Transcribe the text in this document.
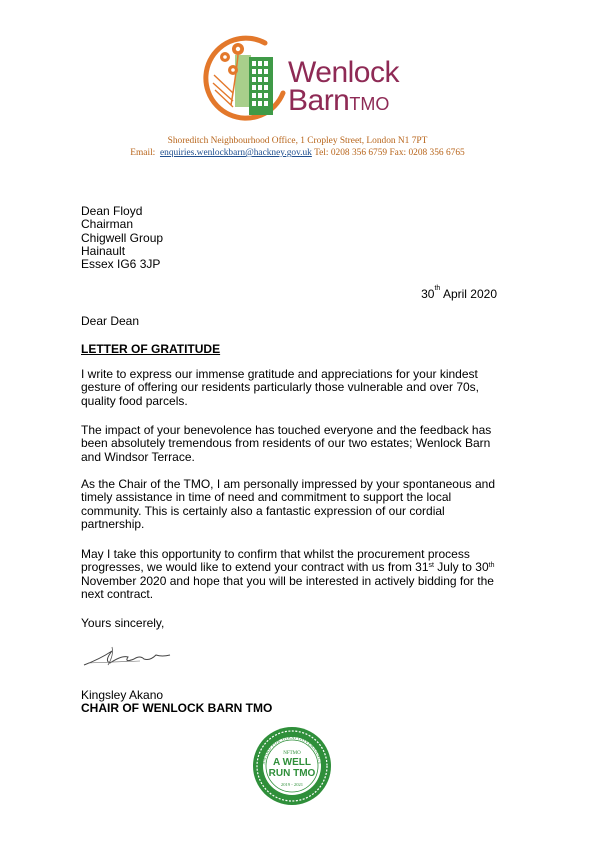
Wenlock
BarnTMO
Shoreditch Neighbourhood Office, 1 Cropley Street, London N1 7PT
Email: enquiries.wenlockbarn@hackney.gov.uk Tel: 0208 356 6759 Fax: 0208 356 6765
Dean Floyd
Chairman
Chigwell Group
Hainault
Essex IG6 3JP
30th April 2020
Dear Dean
LETTER OF GRATITUDE
I write to express our immense gratitude and appreciations for your kindest gesture of offering our residents particularly those vulnerable and over 70s, quality food parcels.
The impact of your benevolence has touched everyone and the feedback has been absolutely tremendous from residents of our two estates; Wenlock Barn and Windsor Terrace.
As the Chair of the TMO, I am personally impressed by your spontaneous and timely assistance in time of need and commitment to support the local community. This is certainly also a fantastic expression of our cordial partnership.
May I take this opportunity to confirm that whilst the procurement process progresses, we would like to extend your contract with us from 31st July to 30th November 2020 and hope that you will be interested in actively bidding for the next contract.
Yours sincerely,
Kingsley Akano
CHAIR OF WENLOCK BARN TMO
AWARD FOR GOOD GOVERNANCE
NFTMO
A WELL
RUN TMO
2019 - 2021
